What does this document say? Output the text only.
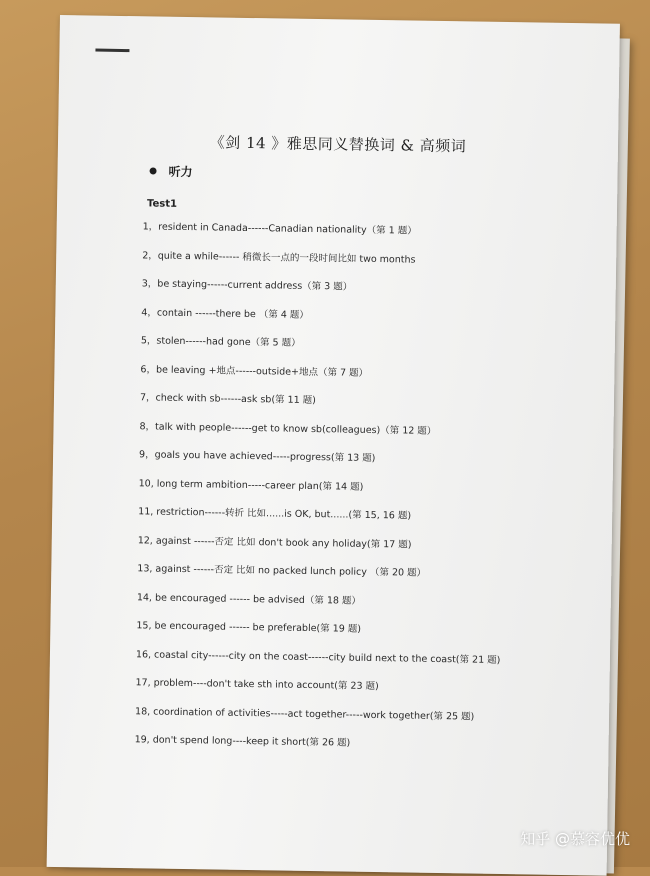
《剑 14 》雅思同义替换词 & 高频词
听力
Test1
1，resident in Canada------Canadian nationality（第 1 题）
2，quite a while------ 稍微长一点的一段时间比如 two months
3，be staying------current address（第 3 题）
4，contain ------there be （第 4 题）
5，stolen------had gone（第 5 题）
6，be leaving +地点------outside+地点（第 7 题）
7，check with sb------ask sb(第 11 题)
8，talk with people------get to know sb(colleagues)（第 12 题）
9，goals you have achieved-----progress(第 13 题)
10, long term ambition-----career plan(第 14 题)
11, restriction------转折 比如......is OK, but......(第 15, 16 题)
12, against ------否定 比如 don't book any holiday(第 17 题)
13, against ------否定 比如 no packed lunch policy （第 20 题）
14, be encouraged ------ be advised（第 18 题）
15, be encouraged ------ be preferable(第 19 题)
16, coastal city------city on the coast------city build next to the coast(第 21 题)
17, problem----don't take sth into account(第 23 题)
18, coordination of activities-----act together-----work together(第 25 题)
19, don't spend long----keep it short(第 26 题)
知乎 @慕容优优
